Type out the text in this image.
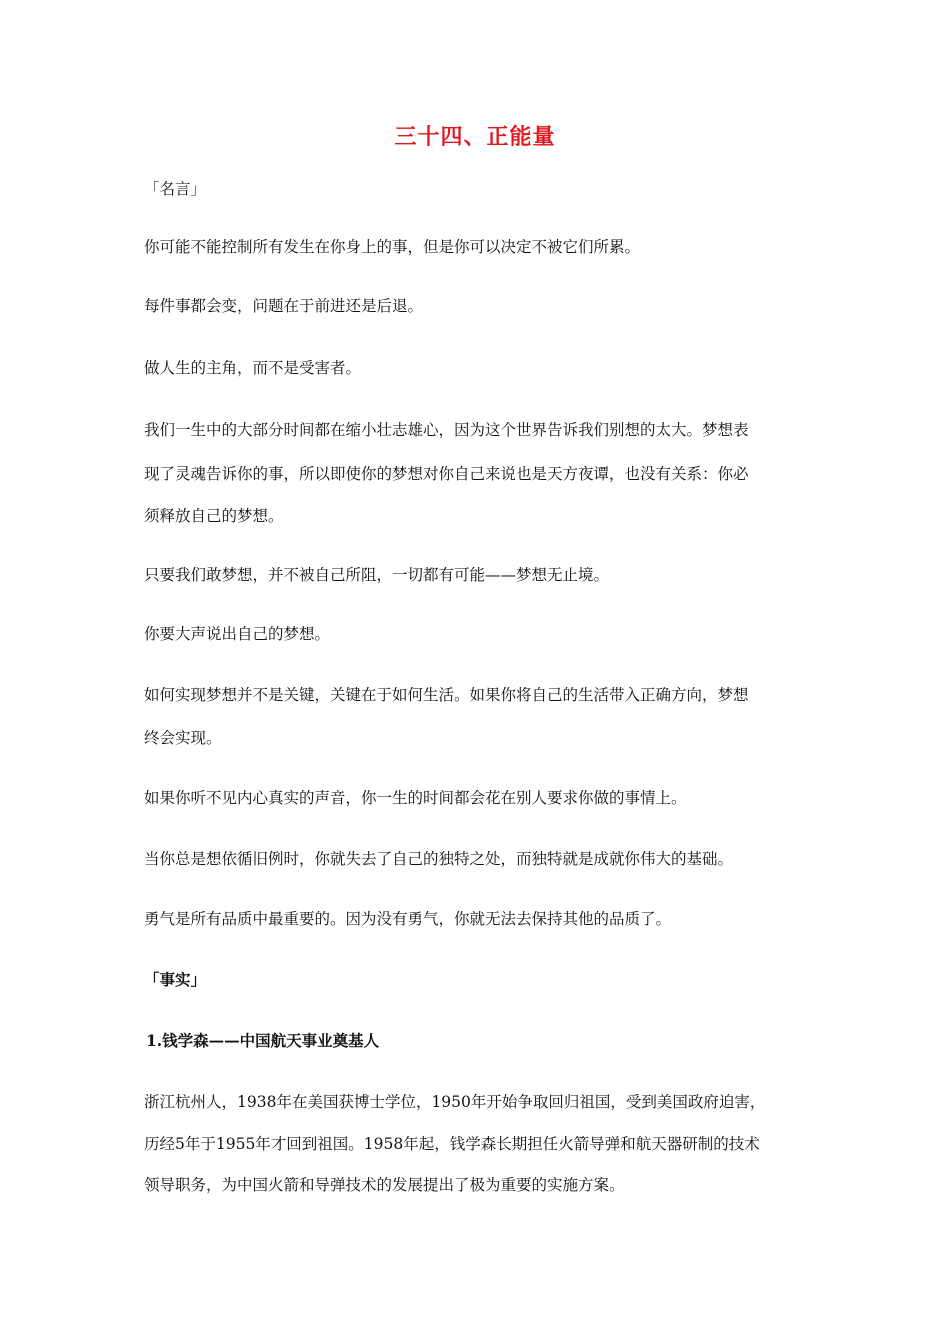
三十四、正能量
「名言」
你可能不能控制所有发生在你身上的事，但是你可以决定不被它们所累。
每件事都会变，问题在于前进还是后退。
做人生的主角，而不是受害者。
我们一生中的大部分时间都在缩小壮志雄心，因为这个世界告诉我们别想的太大。梦想表
现了灵魂告诉你的事，所以即使你的梦想对你自己来说也是天方夜谭，也没有关系：你必
须释放自己的梦想。
只要我们敢梦想，并不被自己所阻，一切都有可能——梦想无止境。
你要大声说出自己的梦想。
如何实现梦想并不是关键，关键在于如何生活。如果你将自己的生活带入正确方向，梦想
终会实现。
如果你听不见内心真实的声音，你一生的时间都会花在别人要求你做的事情上。
当你总是想依循旧例时，你就失去了自己的独特之处，而独特就是成就你伟大的基础。
勇气是所有品质中最重要的。因为没有勇气，你就无法去保持其他的品质了。
「事实」
1.钱学森——中国航天事业奠基人
浙江杭州人，1938年在美国获博士学位，1950年开始争取回归祖国，受到美国政府迫害，
历经5年于1955年才回到祖国。1958年起，钱学森长期担任火箭导弹和航天器研制的技术
领导职务，为中国火箭和导弹技术的发展提出了极为重要的实施方案。
